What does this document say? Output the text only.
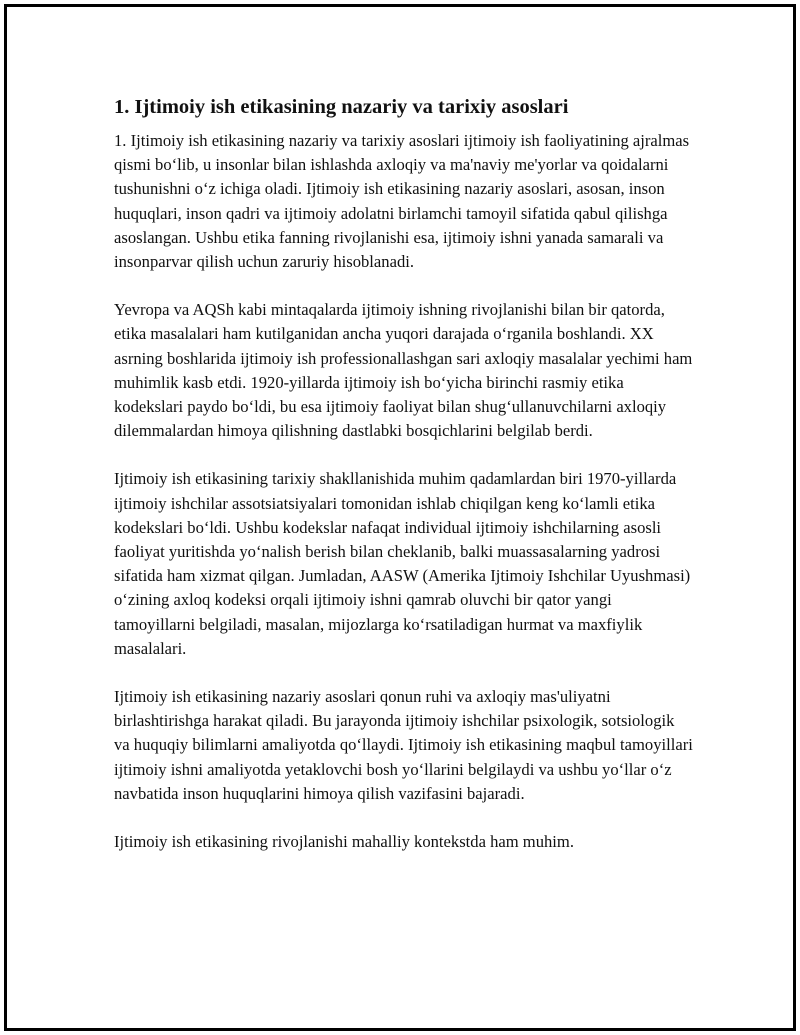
1. Ijtimoiy ish etikasining nazariy va tarixiy asoslari

1. Ijtimoiy ish etikasining nazariy va tarixiy asoslari ijtimoiy ish faoliyatining ajralmas qismi bo‘lib, u insonlar bilan ishlashda axloqiy va ma'naviy me'yorlar va qoidalarni tushunishni o‘z ichiga oladi. Ijtimoiy ish etikasining nazariy asoslari, asosan, inson huquqlari, inson qadri va ijtimoiy adolatni birlamchi tamoyil sifatida qabul qilishga asoslangan. Ushbu etika fanning rivojlanishi esa, ijtimoiy ishni yanada samarali va insonparvar qilish uchun zaruriy hisoblanadi.

Yevropa va AQSh kabi mintaqalarda ijtimoiy ishning rivojlanishi bilan bir qatorda, etika masalalari ham kutilganidan ancha yuqori darajada o‘rganila boshlandi. XX asrning boshlarida ijtimoiy ish professionallashgan sari axloqiy masalalar yechimi ham muhimlik kasb etdi. 1920-yillarda ijtimoiy ish bo‘yicha birinchi rasmiy etika kodekslari paydo bo‘ldi, bu esa ijtimoiy faoliyat bilan shug‘ullanuvchilarni axloqiy dilemmalardan himoya qilishning dastlabki bosqichlarini belgilab berdi.

Ijtimoiy ish etikasining tarixiy shakllanishida muhim qadamlardan biri 1970-yillarda ijtimoiy ishchilar assotsiatsiyalari tomonidan ishlab chiqilgan keng ko‘lamli etika kodekslari bo‘ldi. Ushbu kodekslar nafaqat individual ijtimoiy ishchilarning asosli faoliyat yuritishda yo‘nalish berish bilan cheklanib, balki muassasalarning yadrosi sifatida ham xizmat qilgan. Jumladan, AASW (Amerika Ijtimoiy Ishchilar Uyushmasi) o‘zining axloq kodeksi orqali ijtimoiy ishni qamrab oluvchi bir qator yangi tamoyillarni belgiladi, masalan, mijozlarga ko‘rsatiladigan hurmat va maxfiylik masalalari.

Ijtimoiy ish etikasining nazariy asoslari qonun ruhi va axloqiy mas'uliyatni birlashtirishga harakat qiladi. Bu jarayonda ijtimoiy ishchilar psixologik, sotsiologik va huquqiy bilimlarni amaliyotda qo‘llaydi. Ijtimoiy ish etikasining maqbul tamoyillari ijtimoiy ishni amaliyotda yetaklovchi bosh yo‘llarini belgilaydi va ushbu yo‘llar o‘z navbatida inson huquqlarini himoya qilish vazifasini bajaradi.

Ijtimoiy ish etikasining rivojlanishi mahalliy kontekstda ham muhim.
